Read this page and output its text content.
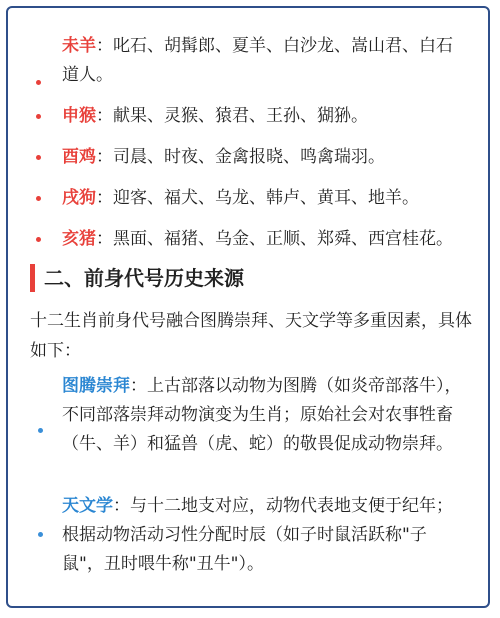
未羊：叱石、胡髯郎、夏羊、白沙龙、嵩山君、白石道人。
申猴：献果、灵猴、猿君、王孙、猢狲。
酉鸡：司晨、时夜、金禽报晓、鸣禽瑞羽。
戌狗：迎客、福犬、乌龙、韩卢、黄耳、地羊。
亥猪：黑面、福猪、乌金、正顺、郑舜、西宫桂花。
二、前身代号历史来源
十二生肖前身代号融合图腾崇拜、天文学等多重因素，具体如下：
图腾崇拜：上古部落以动物为图腾（如炎帝部落牛），不同部落崇拜动物演变为生肖；原始社会对农事牲畜（牛、羊）和猛兽（虎、蛇）的敬畏促成动物崇拜。
天文学：与十二地支对应，动物代表地支便于纪年；根据动物活动习性分配时辰（如子时鼠活跃称"子鼠"，丑时喂牛称"丑牛"）。
